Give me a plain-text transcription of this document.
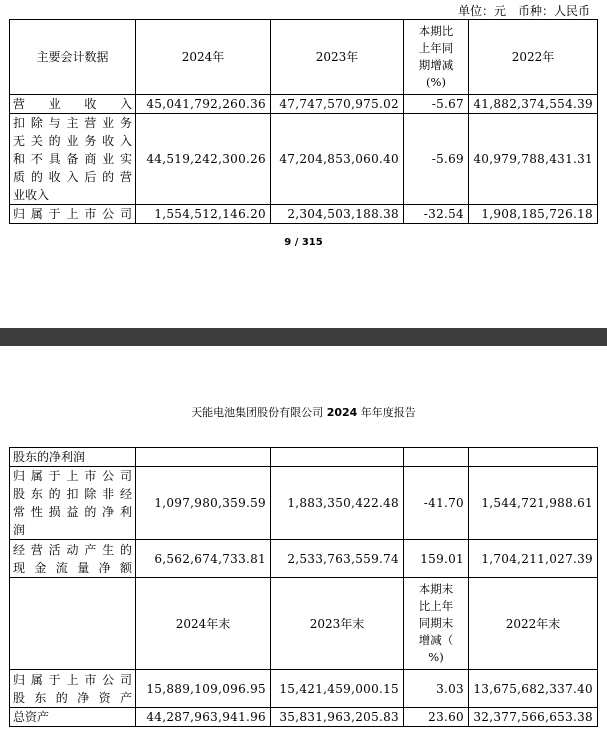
单位：元　币种：人民币
主要会计数据	2024年	2023年	本期比
上年同
期增减
(%)	2022年
营业收入	45,041,792,260.36	47,747,570,975.02	-5.67	41,882,374,554.39

扣除与主营业务
无关的业务收入
和不具备商业实
质的收入后的营
业收入	44,519,242,300.26	47,204,853,060.40	-5.69	40,979,788,431.31
归属于上市公司	1,554,512,146.20	2,304,503,188.38	-32.54	1,908,185,726.18
9 / 315
天能电池集团股份有限公司 2024 年年度报告
股东的净利润				

归属于上市公司
股东的扣除非经
常性损益的净利
润	1,097,980,359.59	1,883,350,422.48	-41.70	1,544,721,988.61

经营活动产生的
现金流量净额	6,562,674,733.81	2,533,763,559.74	159.01	1,704,211,027.39
	2024年末	2023年末	本期末
比上年
同期末
增减（
%)	2022年末

归属于上市公司
股东的净资产	15,889,109,096.95	15,421,459,000.15	3.03	13,675,682,337.40
总资产	44,287,963,941.96	35,831,963,205.83	23.60	32,377,566,653.38
